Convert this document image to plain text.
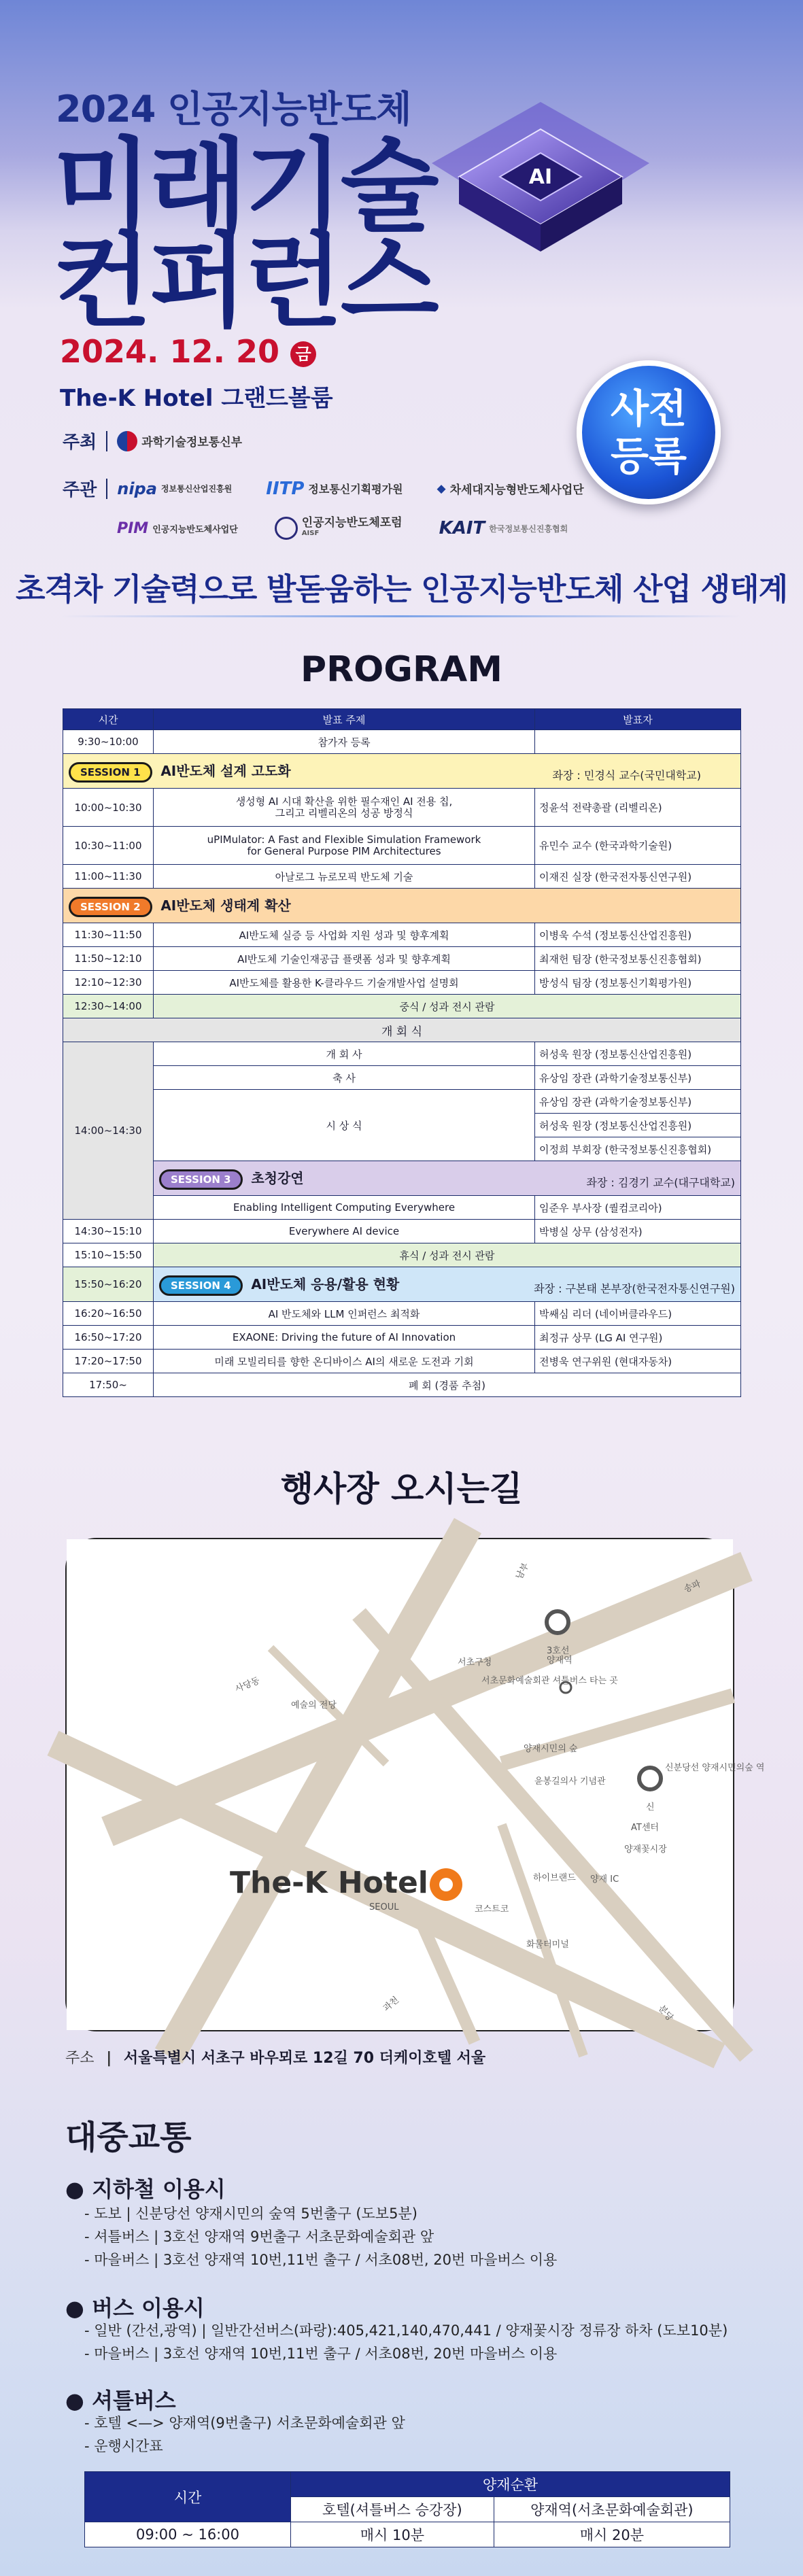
2024 인공지능반도체
미래기술
컨퍼런스
AI
2024. 12. 20 금
The-K Hotel 그랜드볼룸	사전
등록
주최	과학기술정보통신부
주관 nipa 정보통신산업진흥원 IITP 정보통신기획평가원	◆ 차세대지능형반도체사업단
PIM 인공지능반도체사업단	인공지능반도체포럼
AISF	KAIT 한국정보통신진흥협회
초격차 기술력으로 발돋움하는 인공지능반도체 산업 생태계
PROGRAM
시간	발표 주제	발표자
9:30~10:00	참가자 등록	
SESSION 1 AI반도체 설계 고도화 좌장 : 민경식 교수(국민대학교)		

10:00~10:30	생성형 AI 시대 확산을 위한 필수재인 AI 전용 칩,
그리고 리벨리온의 성공 방정식	정윤석 전략총괄 (리벨리온)
10:30~11:00	uPIMulator: A Fast and Flexible Simulation Framework
for General Purpose PIM Architectures	유민수 교수 (한국과학기술원)
11:00~11:30	아날로그 뉴로모픽 반도체 기술	이재진 실장 (한국전자통신연구원)
SESSION 2 AI반도체 생태계 확산		
11:30~11:50	AI반도체 실증 등 사업화 지원 성과 및 향후계획	이병욱 수석 (정보통신산업진흥원)
11:50~12:10	AI반도체 기술인재공급 플랫폼 성과 및 향후계획	최재헌 팀장 (한국정보통신진흥협회)
12:10~12:30	AI반도체를 활용한 K-클라우드 기술개발사업 설명회	방성식 팀장 (정보통신기획평가원)
12:30~14:00	중식 / 성과 전시 관람	
개 회 식		
14:00~14:30	개 회 사	허성욱 원장 (정보통신산업진흥원)
	축 사	유상임 장관 (과학기술정보통신부)
	시 상 식	유상임 장관 (과학기술정보통신부)
		허성욱 원장 (정보통신산업진흥원)
		이정희 부회장 (한국정보통신진흥협회)
	SESSION 3 초청강연 좌장 : 김경기 교수(대구대학교)	

	Enabling Intelligent Computing Everywhere	임준우 부사장 (퀄컴코리아)
14:30~15:10	Everywhere AI device	박병실 상무 (삼성전자)
15:10~15:50	휴식 / 성과 전시 관람	
15:50~16:20	SESSION 4 AI반도체 응용/활용 현황 좌장 : 구본태 본부장(한국전자통신연구원)	

16:20~16:50	AI 반도체와 LLM 인퍼런스 최적화	박쌔심 리더 (네이버클라우드)
16:50~17:20	EXAONE: Driving the future of AI Innovation	최정규 상무 (LG AI 연구원)
17:20~17:50	미래 모빌리티를 향한 온디바이스 AI의 새로운 도전과 기회	전병욱 연구위원 (현대자동차)
17:50~	폐 회 (경품 추첨)	
행사장 오시는길
남부
송파
사당동
예술의 전당
서초구청
3호선
양재역
서초문화예술회관 셔틀버스 타는 곳
양재시민의 숲
윤봉길의사 기념관
신분당선 양재시민의숲 역
신
AT센터
양재꽃시장
하이브랜드 양재 IC
코스트코
화물터미널
과천	분당
The-K Hotel
SEOUL
주소 | 서울특별시 서초구 바우뫼로 12길 70 더케이호텔 서울
대중교통
● 지하철 이용시
- 도보 | 신분당선 양재시민의 숲역 5번출구 (도보5분)
- 셔틀버스 | 3호선 양재역 9번출구 서초문화예술회관 앞
- 마을버스 | 3호선 양재역 10번,11번 출구 / 서초08번, 20번 마을버스 이용
● 버스 이용시
- 일반 (간선,광역) | 일반간선버스(파랑):405,421,140,470,441 / 양재꽃시장 정류장 하차 (도보10분)
- 마을버스 | 3호선 양재역 10번,11번 출구 / 서초08번, 20번 마을버스 이용
● 셔틀버스
- 호텔 <—> 양재역(9번출구) 서초문화예술회관 앞
- 운행시간표
시간	양재순환	
	호텔(셔틀버스 승강장)	양재역(서초문화예술회관)
09:00 ~ 16:00	매시 10분	매시 20분
